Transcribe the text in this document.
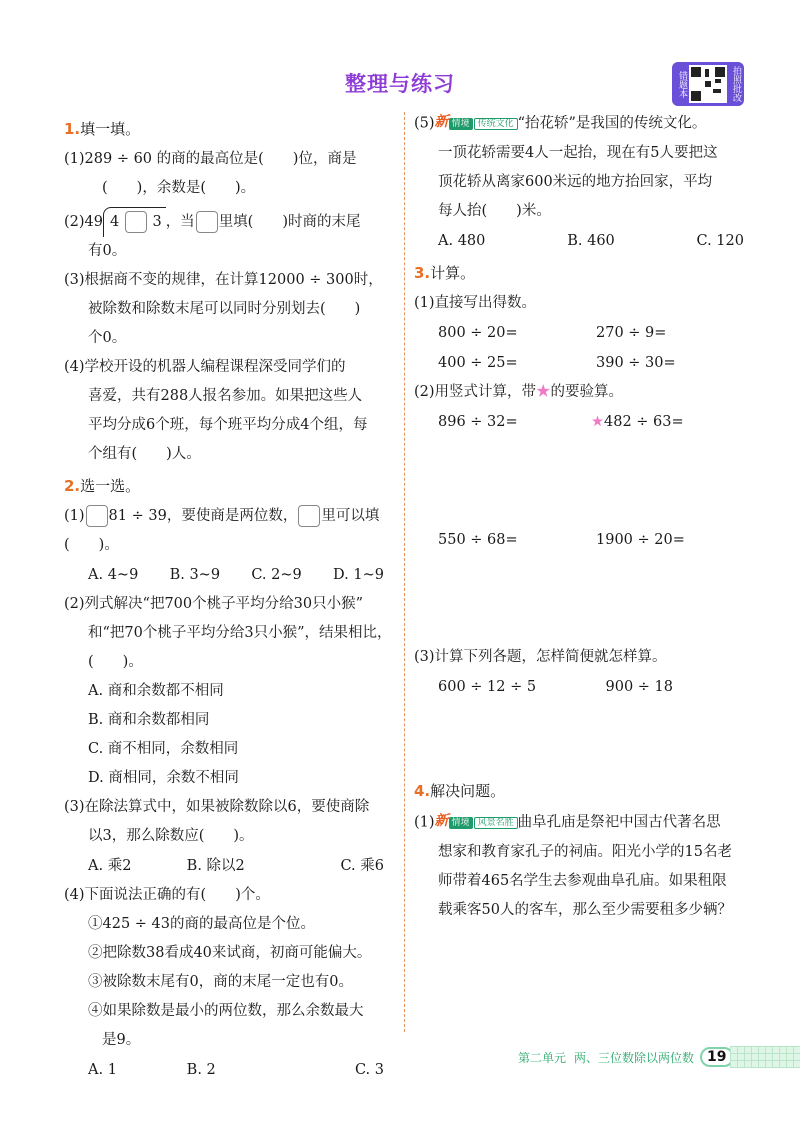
整理与练习	错题本	拍照批改
1.填一填。

(1)289 ÷ 60 的商的最高位是(　　)位，商是

(　　)，余数是(　　)。

(2)49 4 3 ，当 里填(　　)时商的末尾

有0。

(3)根据商不变的规律，在计算12000 ÷ 300时，

被除数和除数末尾可以同时分别划去(　　)

个0。

(4)学校开设的机器人编程课程深受同学们的

喜爱，共有288人报名参加。如果把这些人

平均分成6个班，每个班平均分成4个组，每

个组有(　　)人。

2.选一选。

(1) 81 ÷ 39，要使商是两位数， 里可以填(　　)。

A. 4~9 B. 3~9 C. 2~9 D. 1~9

(2)列式解决“把700个桃子平均分给30只小猴”

和“把70个桃子平均分给3只小猴”，结果相比，

(　　)。

A. 商和余数都不相同

B. 商和余数都相同

C. 商不相同，余数相同

D. 商相同，余数不相同

(3)在除法算式中，如果被除数除以6，要使商除

以3，那么除数应(　　)。

A. 乘2	B. 除以2	C. 乘6

(4)下面说法正确的有(　　)个。

①425 ÷ 43的商的最高位是个位。

②把除数38看成40来试商，初商可能偏大。

③被除数末尾有0，商的末尾一定也有0。

④如果除数是最小的两位数，那么余数最大

是9。

A. 1	B. 2	C. 3

(5)新 情境 传统文化 “抬花轿”是我国的传统文化。

一顶花轿需要4人一起抬，现在有5人要把这

顶花轿从离家600米远的地方抬回家，平均

每人抬(　　)米。

A. 480	B. 460	C. 120
3.计算。

(1)直接写出得数。

800 ÷ 20=	270 ÷ 9=
400 ÷ 25=	390 ÷ 30=

(2)用竖式计算，带★的要验算。

896 ÷ 32=	★482 ÷ 63=
550 ÷ 68=	1900 ÷ 20=

(3)计算下列各题，怎样简便就怎样算。

600 ÷ 12 ÷ 5	900 ÷ 18
4.解决问题。

(1)新 情境 风景名胜 曲阜孔庙是祭祀中国古代著名思

想家和教育家孔子的祠庙。阳光小学的15名老

师带着465名学生去参观曲阜孔庙。如果租限

载乘客50人的客车，那么至少需要租多少辆？

第二单元 两、三位数除以两位数 19
